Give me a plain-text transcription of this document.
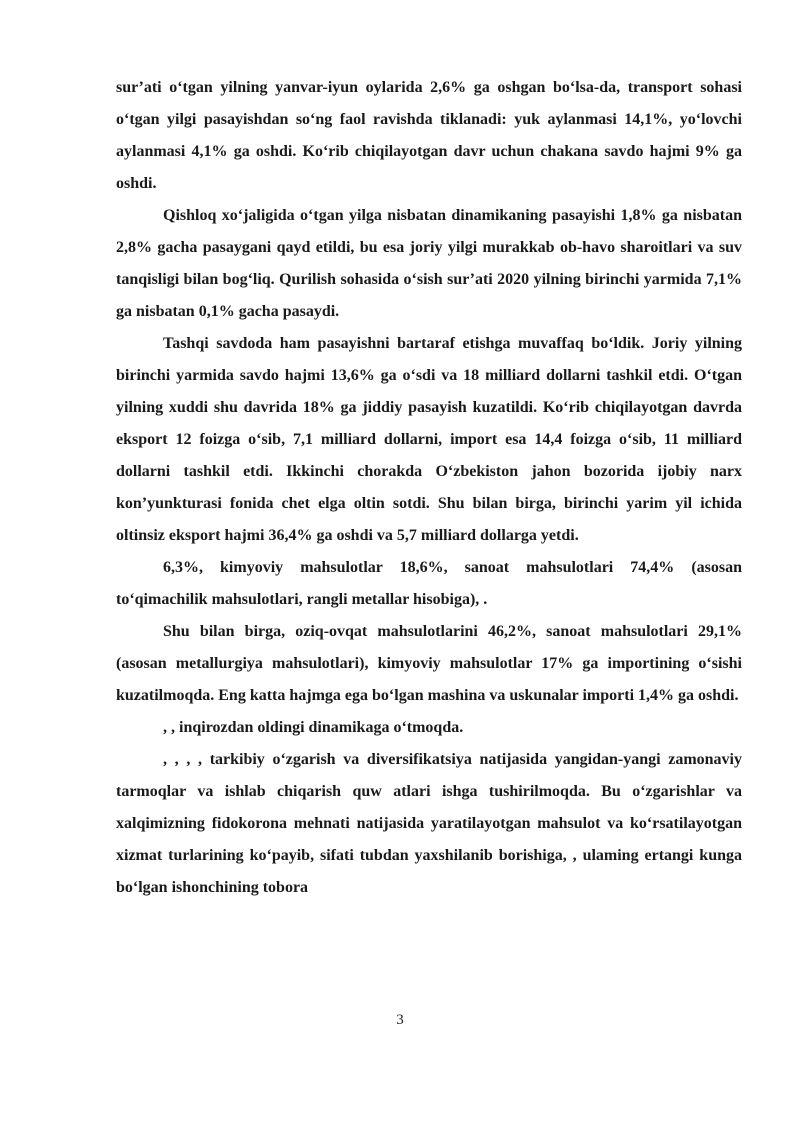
sur’ati o‘tgan yilning yanvar-iyun oylarida 2,6% ga oshgan bo‘lsa-da, transport sohasi o‘tgan yilgi pasayishdan so‘ng faol ravishda tiklanadi: yuk aylanmasi 14,1%, yo‘lovchi aylanmasi 4,1% ga oshdi. Ko‘rib chiqilayotgan davr uchun chakana savdo hajmi 9% ga oshdi.

Qishloq xo‘jaligida o‘tgan yilga nisbatan dinamikaning pasayishi 1,8% ga nisbatan 2,8% gacha pasaygani qayd etildi, bu esa joriy yilgi murakkab ob-havo sharoitlari va suv tanqisligi bilan bog‘liq. Qurilish sohasida o‘sish sur’ati 2020 yilning birinchi yarmida 7,1% ga nisbatan 0,1% gacha pasaydi.

Tashqi savdoda ham pasayishni bartaraf etishga muvaffaq bo‘ldik. Joriy yilning birinchi yarmida savdo hajmi 13,6% ga o‘sdi va 18 milliard dollarni tashkil etdi. O‘tgan yilning xuddi shu davrida 18% ga jiddiy pasayish kuzatildi. Ko‘rib chiqilayotgan davrda eksport 12 foizga o‘sib, 7,1 milliard dollarni, import esa 14,4 foizga o‘sib, 11 milliard dollarni tashkil etdi. Ikkinchi chorakda O‘zbekiston jahon bozorida ijobiy narx kon’yunkturasi fonida chet elga oltin sotdi. Shu bilan birga, birinchi yarim yil ichida oltinsiz eksport hajmi 36,4% ga oshdi va 5,7 milliard dollarga yetdi.

6,3%, kimyoviy mahsulotlar 18,6%, sanoat mahsulotlari 74,4% (asosan to‘qimachilik mahsulotlari, rangli metallar hisobiga), .

Shu bilan birga, oziq-ovqat mahsulotlarini 46,2%, sanoat mahsulotlari 29,1% (asosan metallurgiya mahsulotlari), kimyoviy mahsulotlar 17% ga importining o‘sishi kuzatilmoqda. Eng katta hajmga ega bo‘lgan mashina va uskunalar importi 1,4% ga oshdi.

, , inqirozdan oldingi dinamikaga o‘tmoqda.

, , , , tarkibiy o‘zgarish va diversifikatsiya natijasida yangidan-yangi zamonaviy tarmoqlar va ishlab chiqarish quw atlari ishga tushirilmoqda. Bu o‘zgarishlar va xalqimizning fidokorona mehnati natijasida yaratilayotgan mahsulot va ko‘rsatilayotgan xizmat turlarining ko‘payib, sifati tubdan yaxshilanib borishiga, , ulaming ertangi kunga bo‘lgan ishonchining tobora

3
